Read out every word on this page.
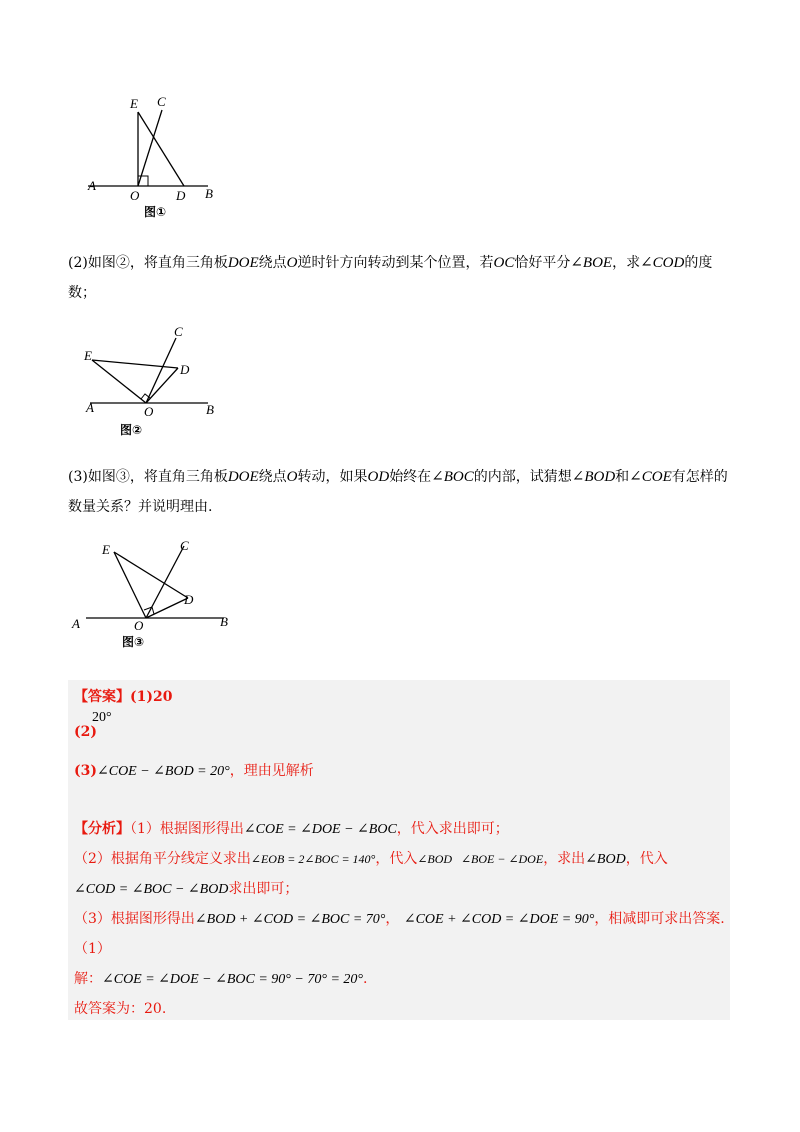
E C
A
O	D B
图①
(2)如图②，将直角三角板DOE绕点O逆时针方向转动到某个位置，若OC恰好平分∠BOE，求∠COD的度数；
C
E
D
A	O	B
图②
(3)如图③，将直角三角板DOE绕点O转动，如果OD始终在∠BOC的内部，试猜想∠BOD和∠COE有怎样的数量关系？并说明理由.
E	C
D
A	O	B
图③
【答案】(1)20
(2)
20°
(3)∠COE − ∠BOD = 20°，理由见解析
【分析】（1）根据图形得出∠COE = ∠DOE − ∠BOC，代入求出即可；
（2）根据角平分线定义求出∠EOB = 2∠BOC = 140°，代入∠BOD ∠BOE − ∠DOE，求出∠BOD，代入
∠COD = ∠BOC − ∠BOD求出即可；
（3）根据图形得出∠BOD + ∠COD = ∠BOC = 70°， ∠COE + ∠COD = ∠DOE = 90°，相减即可求出答案.
（1）
解：∠COE = ∠DOE − ∠BOC = 90° − 70° = 20°.
故答案为：20.
